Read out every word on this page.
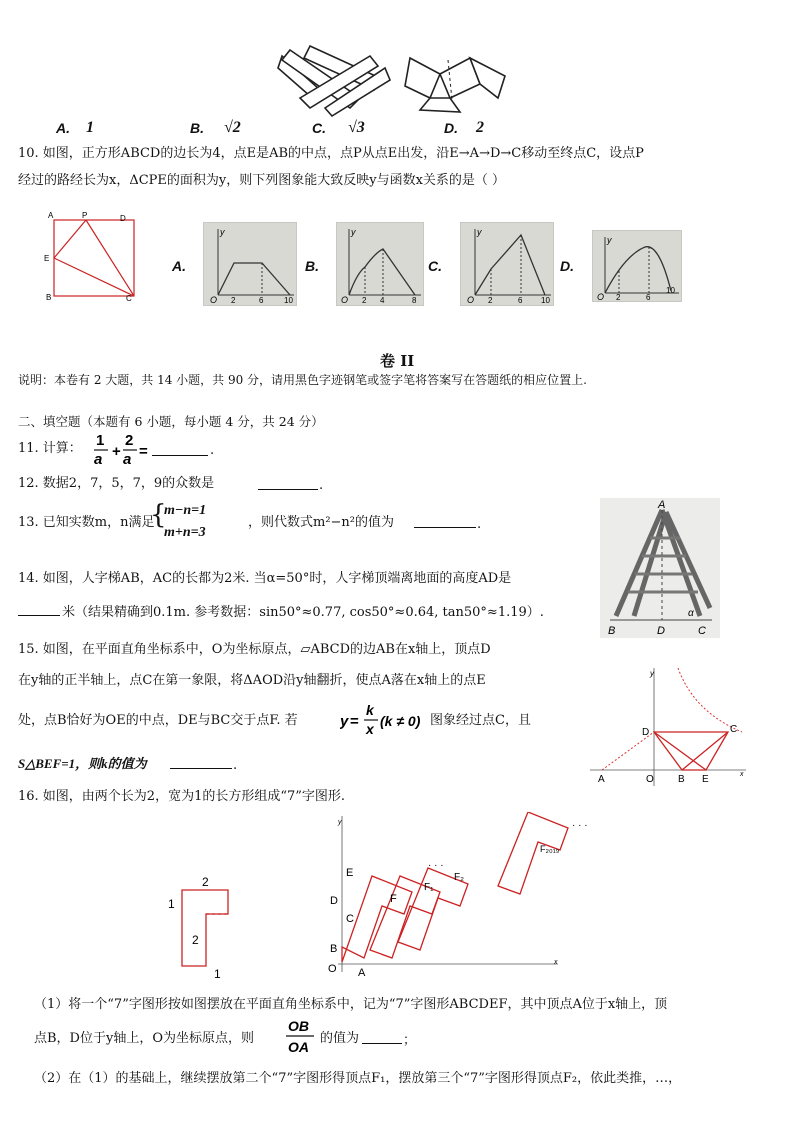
A. 1	B. √2	C. √3	D. 2
10. 如图，正方形ABCD的边长为4，点E是AB的中点，点P从点E出发，沿E→A→D→C移动至终点C，设点P
经过的路经长为x，ΔCPE的面积为y，则下列图象能大致反映y与函数x关系的是（ ）
A	P	D
E
B	C
A.
y
O 2	6	10
B.
y
O 2 4	8
C.
y
O 2	6 10
D.
y
O 2	6
10
卷 II
说明：本卷有 2 大题，共 14 小题，共 90 分，请用黑色字迹钢笔或签字笔将答案写在答题纸的相应位置上.
二、填空题（本题有 6 小题，每小题 4 分，共 24 分）
11. 计算： 1
a +
2
a =	.
12. 数据2，7，5，7，9的众数是	.
13. 已知实数m，n满足
{
m−n=1
m+n=3
，则代数式m²−n²的值为	.
14. 如图，人字梯AB，AC的长都为2米. 当α=50°时，人字梯顶端离地面的高度AD是
米（结果精确到0.1m. 参考数据：sin50°≈0.77, cos50°≈0.64, tan50°≈1.19）.
A
B	D	C
α
15. 如图，在平面直角坐标系中，O为坐标原点，▱ABCD的边AB在x轴上，顶点D
在y轴的正半轴上，点C在第一象限，将ΔAOD沿y轴翻折，使点A落在x轴上的点E
处，点B恰好为OE的中点，DE与BC交于点F. 若	y =
k
x (k ≠ 0) 图象经过点C，且
S△BEF=1，则k的值为	.
y
D	C
A	O B E	x
16. 如图，由两个长为2，宽为1的长方形组成“7”字图形.
2
1
2
1
· · ·
· · ·
y
E
D	F
C
B
A
O
x
F₁
F₂
F₂₀₁₉
（1）将一个“7”字图形按如图摆放在平面直角坐标系中，记为“7”字图形ABCDEF，其中顶点A位于x轴上，顶
点B，D位于y轴上，O为坐标原点，则
OB
OA
的值为	；
（2）在（1）的基础上，继续摆放第二个“7”字图形得顶点F₁，摆放第三个“7”字图形得顶点F₂，依此类推，…，
